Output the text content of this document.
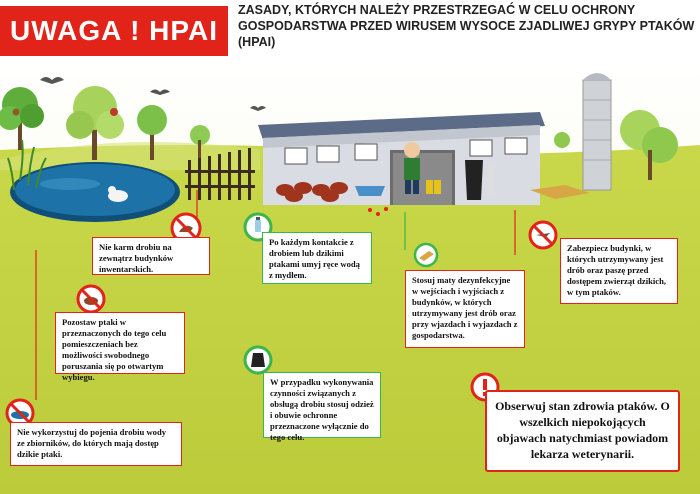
UWAGA ! HPAI
ZASADY, KTÓRYCH NALEŻY PRZESTRZEGAĆ W CELU OCHRONY GOSPODARSTWA PRZED WIRUSEM WYSOCE ZJADLIWEJ GRYPY PTAKÓW (HPAI)
Nie karm drobiu na zewnątrz budynków inwentarskich.
Po każdym kontakcie z drobiem lub dzikimi ptakami umyj ręce wodą z mydłem.	Stosuj maty dezynfekcyjne w wejściach i wyjściach z budynków, w których utrzymywany jest drób oraz przy wjazdach i wyjazdach z gospodarstwa.
Zabezpiecz budynki, w których utrzymywany jest drób oraz paszę przed dostępem zwierząt dzikich, w tym ptaków.
Pozostaw ptaki w przeznaczonych do tego celu pomieszczeniach bez możliwości swobodnego poruszania się po otwartym wybiegu.	W przypadku wykonywania czynności związanych z obsługą drobiu stosuj odzież i obuwie ochronne przeznaczone wyłącznie do tego celu.
Nie wykorzystuj do pojenia drobiu wody ze zbiorników, do których mają dostęp dzikie ptaki.
Obserwuj stan zdrowia ptaków. O wszelkich niepokojących objawach natychmiast powiadom lekarza weterynarii.
